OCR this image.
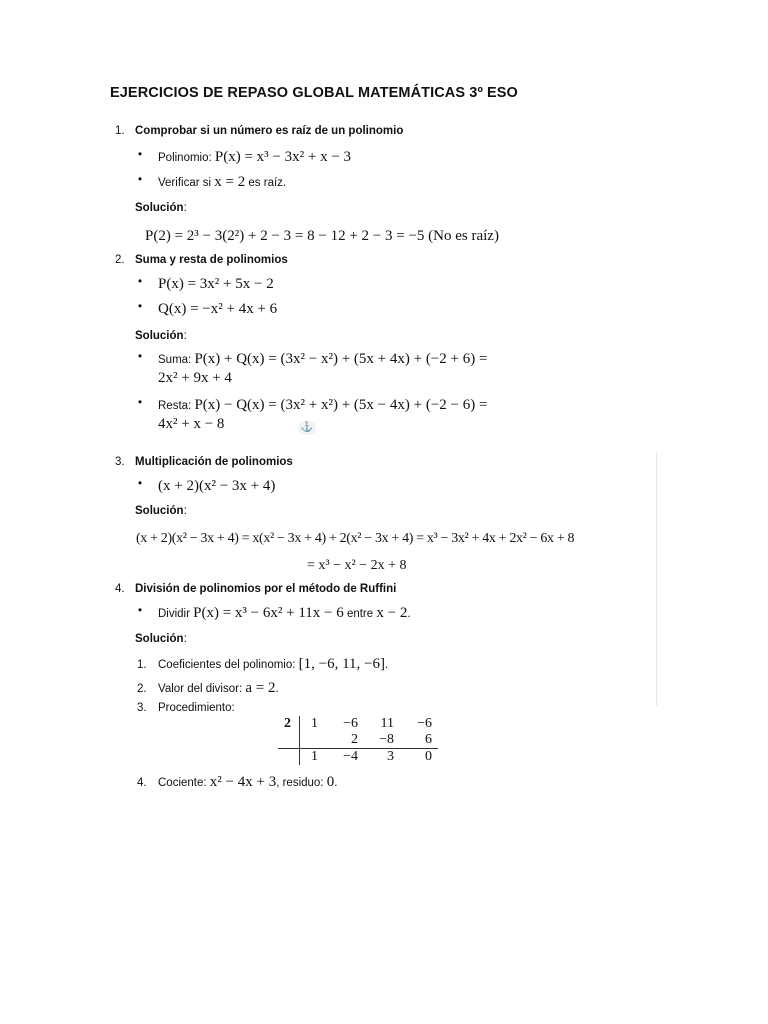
EJERCICIOS DE REPASO GLOBAL MATEMÁTICAS 3º ESO
1. Comprobar si un número es raíz de un polinomio
• Polinomio: P(x) = x³ − 3x² + x − 3
• Verificar si x = 2 es raíz.
Solución:
P(2) = 2³ − 3(2²) + 2 − 3 = 8 − 12 + 2 − 3 = −5 (No es raíz)
2. Suma y resta de polinomios
• P(x) = 3x² + 5x − 2
• Q(x) = −x² + 4x + 6
Solución:
• Suma: P(x) + Q(x) = (3x² − x²) + (5x + 4x) + (−2 + 6) =
2x² + 9x + 4
• Resta: P(x) − Q(x) = (3x² + x²) + (5x − 4x) + (−2 − 6) =
4x² + x − 8	⚓
3. Multiplicación de polinomios
• (x + 2)(x² − 3x + 4)
Solución:
(x + 2)(x² − 3x + 4) = x(x² − 3x + 4) + 2(x² − 3x + 4) = x³ − 3x² + 4x + 2x² − 6x + 8
= x³ − x² − 2x + 8
4. División de polinomios por el método de Ruffini
• Dividir P(x) = x³ − 6x² + 11x − 6 entre x − 2.
Solución:
1. Coeficientes del polinomio: [1, −6, 11, −6].
2. Valor del divisor: a = 2.
3. Procedimiento:
2	1	−6	11	−6
		2	−8	6
	1	−4	3	0
4. Cociente: x² − 4x + 3, residuo: 0.
